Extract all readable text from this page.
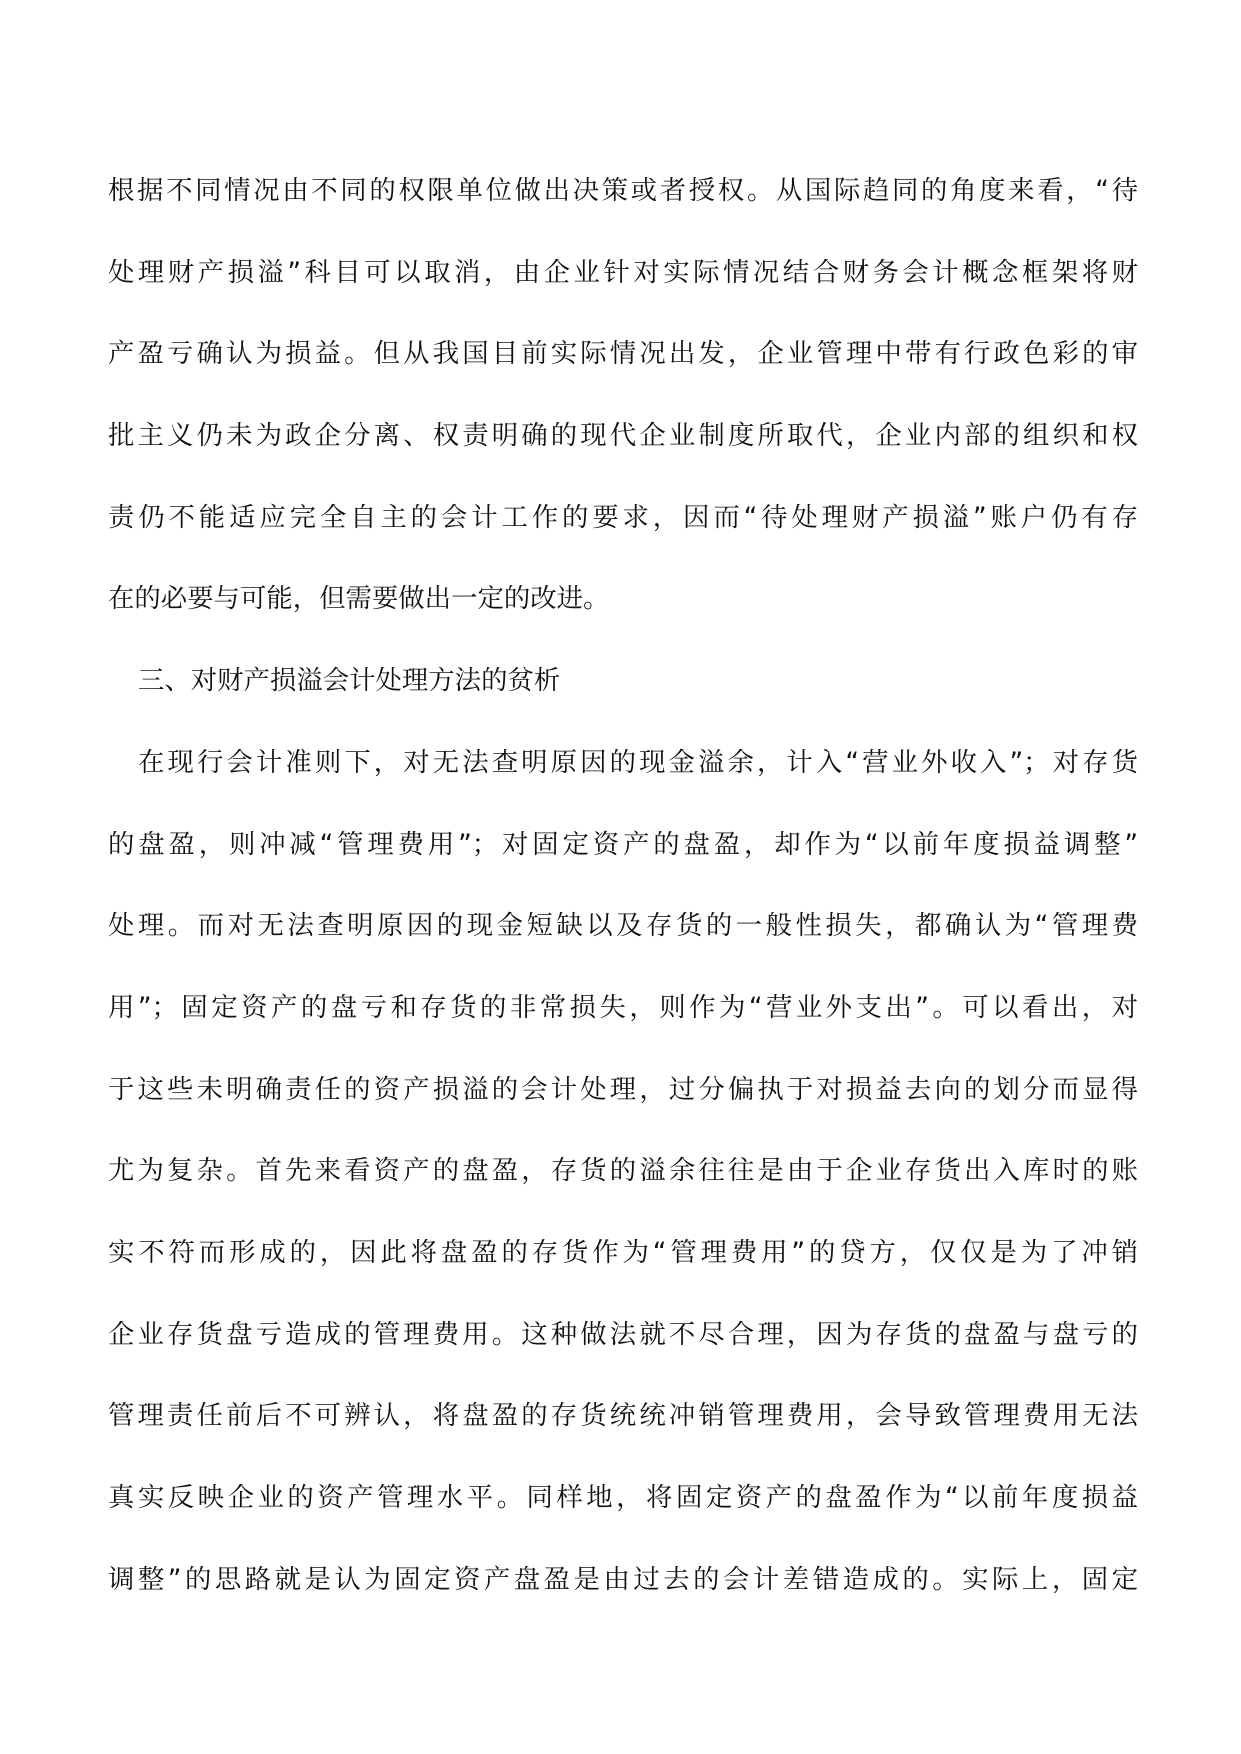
根据不同情况由不同的权限单位做出决策或者授权。从国际趋同的角度来看，“待
处理财产损溢”科目可以取消，由企业针对实际情况结合财务会计概念框架将财
产盈亏确认为损益。但从我国目前实际情况出发，企业管理中带有行政色彩的审
批主义仍未为政企分离、权责明确的现代企业制度所取代，企业内部的组织和权
责仍不能适应完全自主的会计工作的要求，因而“待处理财产损溢”账户仍有存
在的必要与可能，但需要做出一定的改进。
三、对财产损溢会计处理方法的贫析
在现行会计准则下，对无法查明原因的现金溢余，计入“营业外收入”；对存货
的盘盈，则冲减“管理费用”；对固定资产的盘盈，却作为“以前年度损益调整”
处理。而对无法查明原因的现金短缺以及存货的一般性损失，都确认为“管理费
用”；固定资产的盘亏和存货的非常损失，则作为“营业外支出”。可以看出，对
于这些未明确责任的资产损溢的会计处理，过分偏执于对损益去向的划分而显得
尤为复杂。首先来看资产的盘盈，存货的溢余往往是由于企业存货出入库时的账
实不符而形成的，因此将盘盈的存货作为“管理费用”的贷方，仅仅是为了冲销
企业存货盘亏造成的管理费用。这种做法就不尽合理，因为存货的盘盈与盘亏的
管理责任前后不可辨认，将盘盈的存货统统冲销管理费用，会导致管理费用无法
真实反映企业的资产管理水平。同样地，将固定资产的盘盈作为“以前年度损益
调整”的思路就是认为固定资产盘盈是由过去的会计差错造成的。实际上，固定
